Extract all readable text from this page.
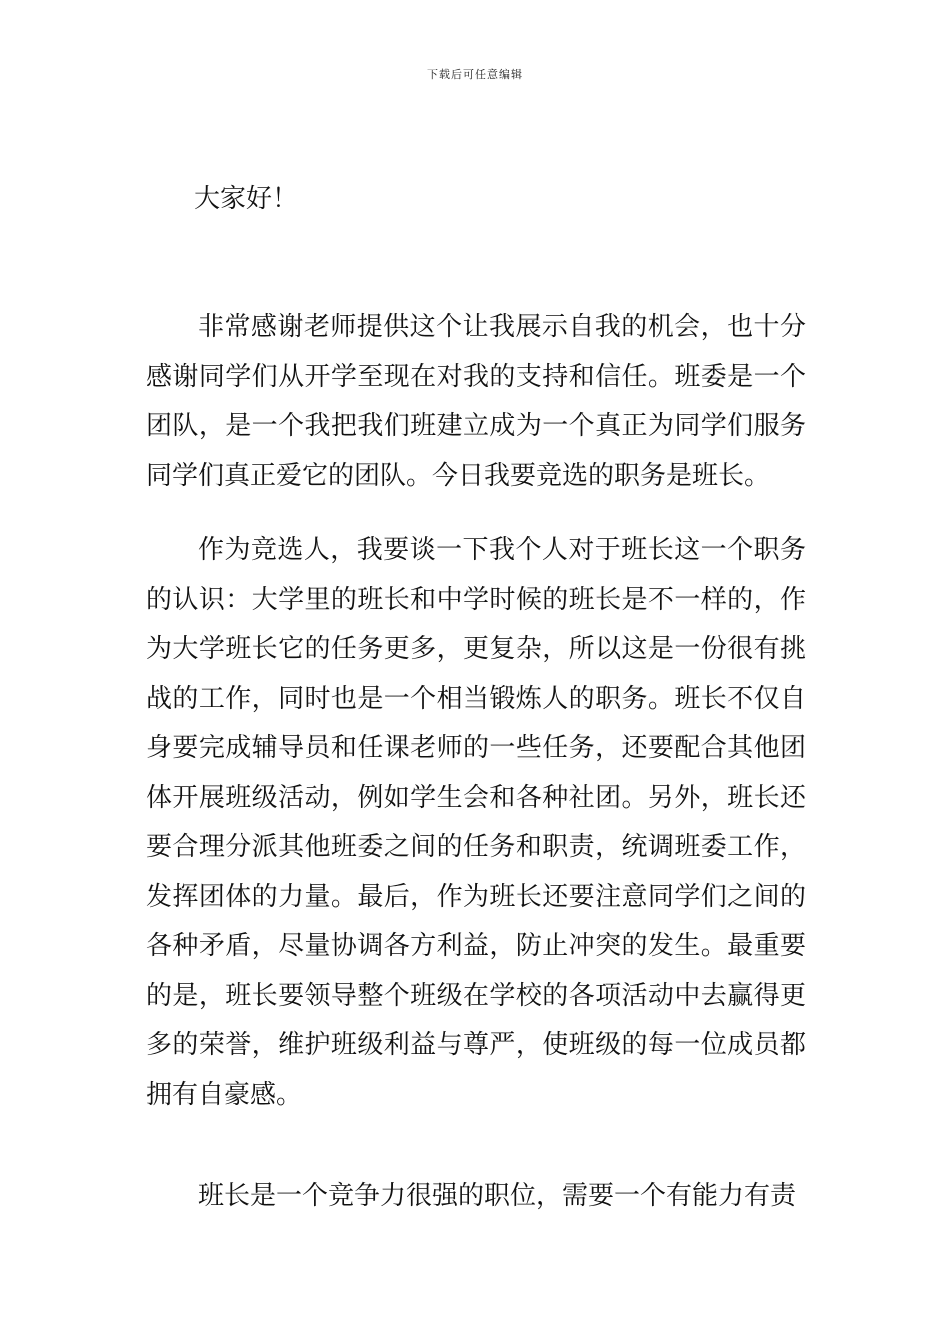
下载后可任意编辑

大家好！

非常感谢老师提供这个让我展示自我的机会，也十分感谢同学们从开学至现在对我的支持和信任。班委是一个团队，是一个我把我们班建立成为一个真正为同学们服务同学们真正爱它的团队。今日我要竞选的职务是班长。

作为竞选人，我要谈一下我个人对于班长这一个职务的认识：大学里的班长和中学时候的班长是不一样的，作为大学班长它的任务更多，更复杂，所以这是一份很有挑战的工作，同时也是一个相当锻炼人的职务。班长不仅自身要完成辅导员和任课老师的一些任务，还要配合其他团体开展班级活动，例如学生会和各种社团。另外，班长还要合理分派其他班委之间的任务和职责，统调班委工作，发挥团体的力量。最后，作为班长还要注意同学们之间的各种矛盾，尽量协调各方利益，防止冲突的发生。最重要的是，班长要领导整个班级在学校的各项活动中去赢得更多的荣誉，维护班级利益与尊严，使班级的每一位成员都拥有自豪感。

班长是一个竞争力很强的职位，需要一个有能力有责
